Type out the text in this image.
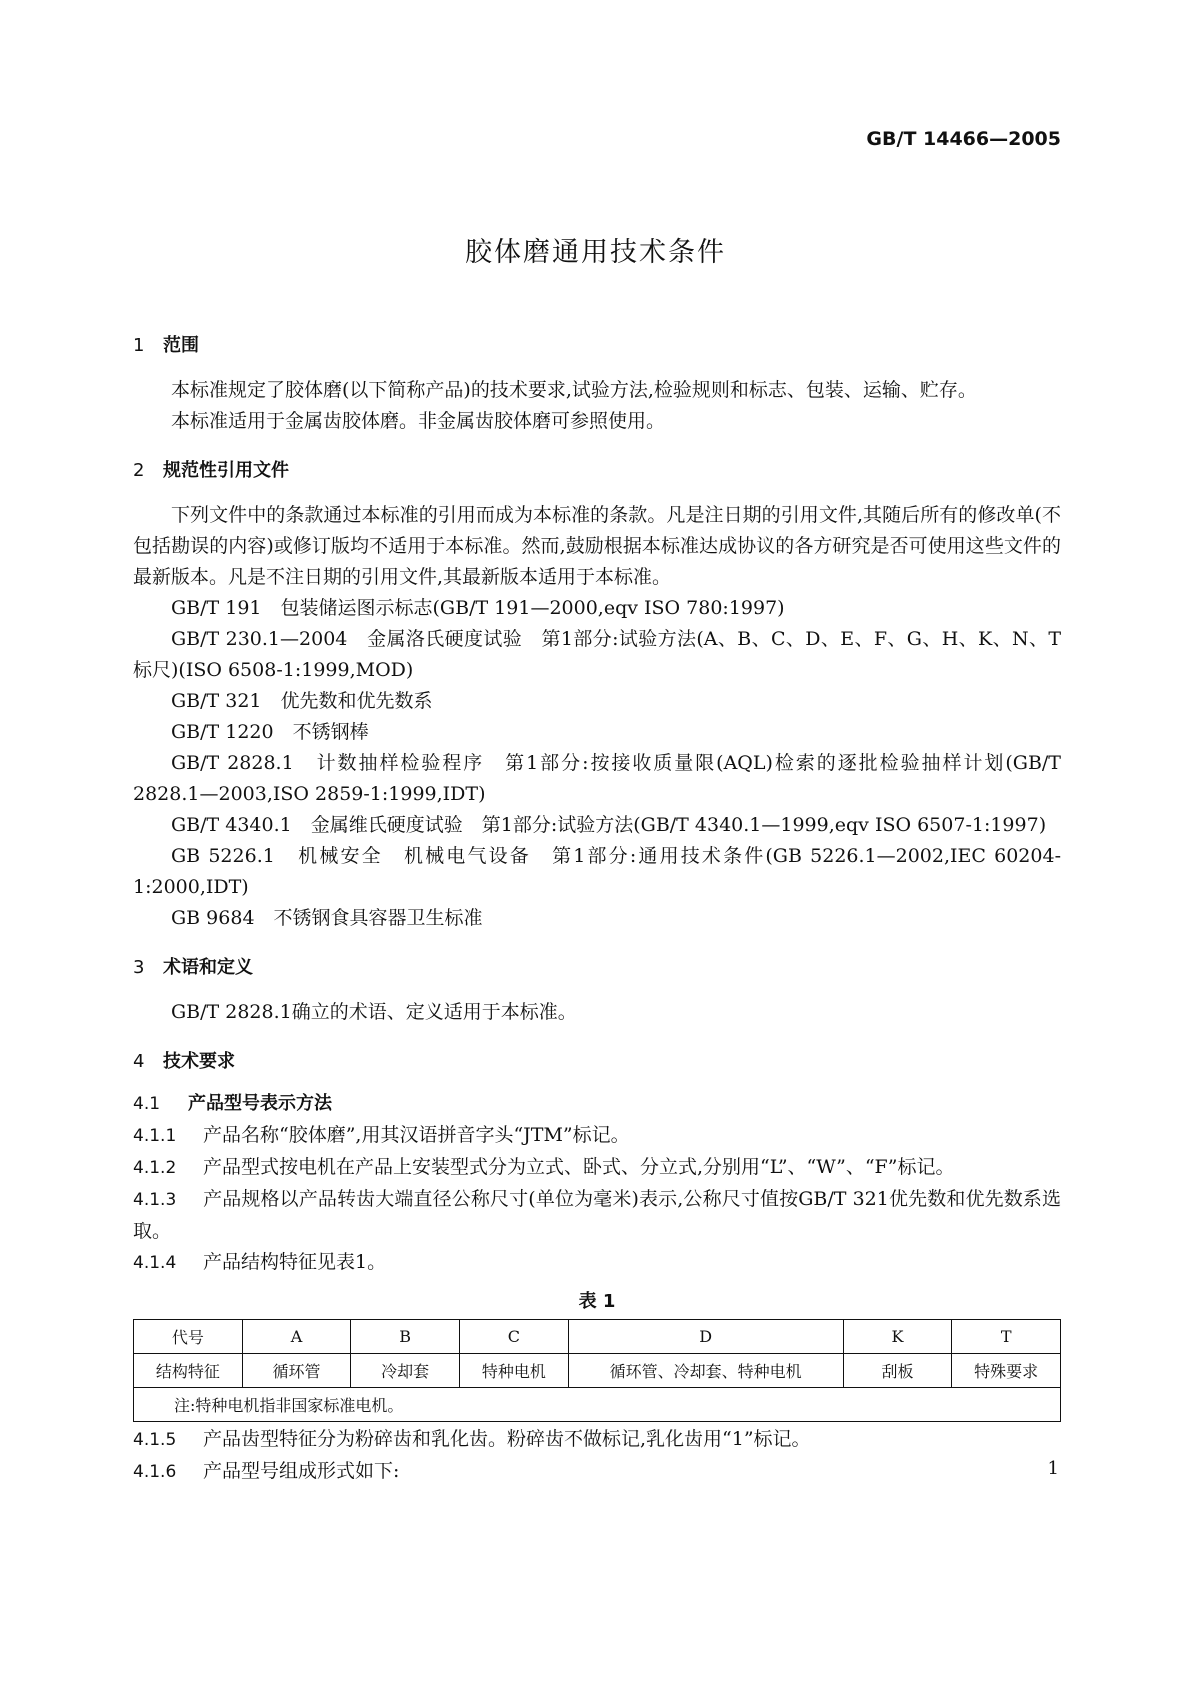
GB/T 14466—2005
胶体磨通用技术条件
1 范围

本标准规定了胶体磨(以下简称产品)的技术要求,试验方法,检验规则和标志、包装、运输、贮存。

本标准适用于金属齿胶体磨。非金属齿胶体磨可参照使用。

2 规范性引用文件

下列文件中的条款通过本标准的引用而成为本标准的条款。凡是注日期的引用文件,其随后所有的修改单(不包括勘误的内容)或修订版均不适用于本标准。然而,鼓励根据本标准达成协议的各方研究是否可使用这些文件的最新版本。凡是不注日期的引用文件,其最新版本适用于本标准。

GB/T 191　包装储运图示标志(GB/T 191—2000,eqv ISO 780:1997)

GB/T 230.1—2004　金属洛氏硬度试验　第1部分:试验方法(A、B、C、D、E、F、G、H、K、N、T标尺)(ISO 6508-1:1999,MOD)

GB/T 321　优先数和优先数系

GB/T 1220　不锈钢棒

GB/T 2828.1　计数抽样检验程序　第1部分:按接收质量限(AQL)检索的逐批检验抽样计划(GB/T 2828.1—2003,ISO 2859-1:1999,IDT)

GB/T 4340.1　金属维氏硬度试验　第1部分:试验方法(GB/T 4340.1—1999,eqv ISO 6507-1:1997)

GB 5226.1　机械安全　机械电气设备　第1部分:通用技术条件(GB 5226.1—2002,IEC 60204-1:2000,IDT)

GB 9684　不锈钢食具容器卫生标准

3 术语和定义

GB/T 2828.1确立的术语、定义适用于本标准。

4 技术要求
4.1 产品型号表示方法

4.1.1 产品名称“胶体磨”,用其汉语拼音字头“JTM”标记。

4.1.2 产品型式按电机在产品上安装型式分为立式、卧式、分立式,分别用“L”、“W”、“F”标记。

4.1.3 产品规格以产品转齿大端直径公称尺寸(单位为毫米)表示,公称尺寸值按GB/T 321优先数和优先数系选取。

4.1.4 产品结构特征见表1。

表 1
代号	A	B	C	D	K	T
结构特征	循环管	冷却套	特种电机	循环管、冷却套、特种电机	刮板	特殊要求
注:特种电机指非国家标准电机。						

4.1.5 产品齿型特征分为粉碎齿和乳化齿。粉碎齿不做标记,乳化齿用“1”标记。

4.1.6 产品型号组成形式如下:	1
